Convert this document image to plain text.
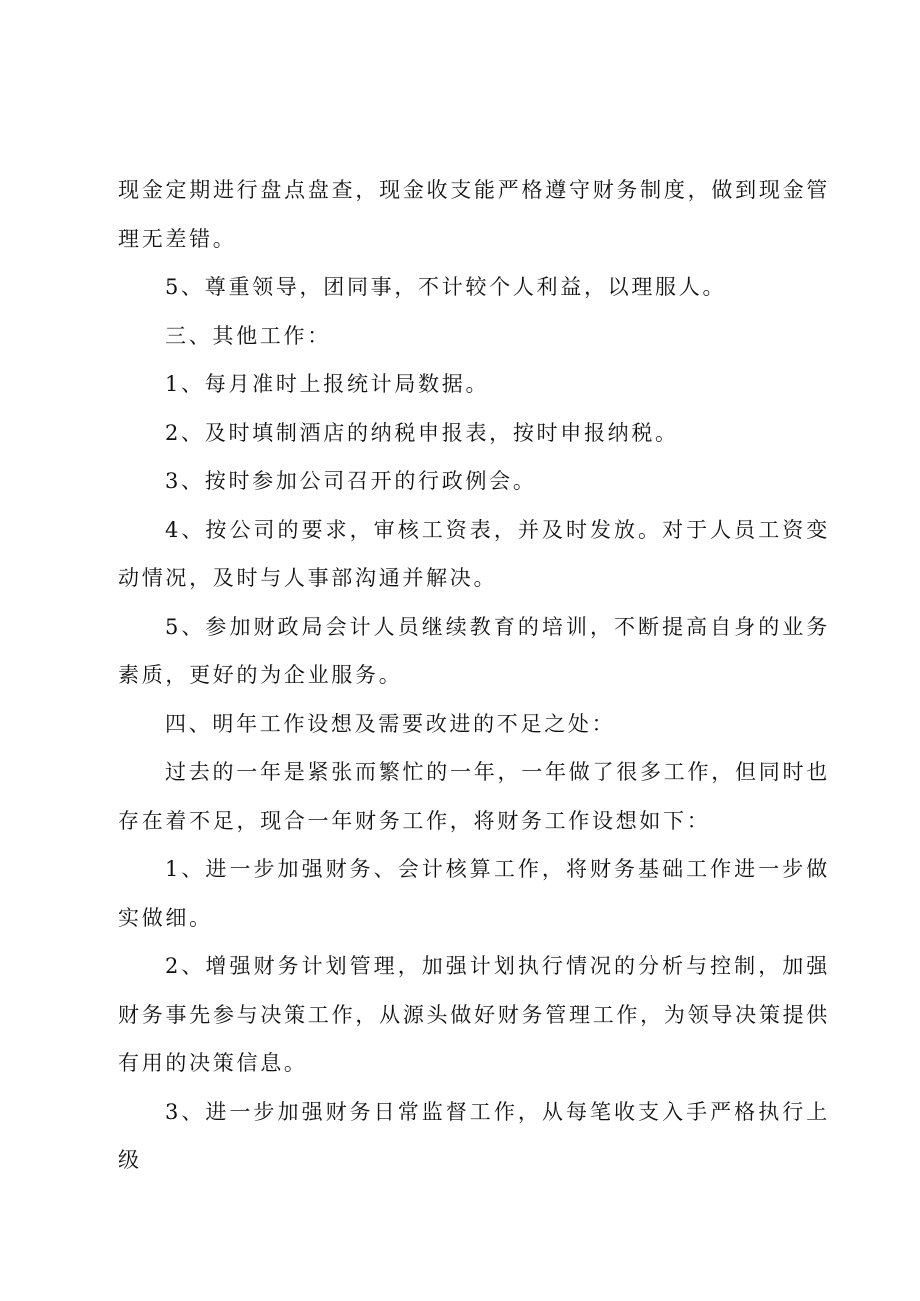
现金定期进行盘点盘查，现金收支能严格遵守财务制度，做到现金管理无差错。

5、尊重领导，团同事，不计较个人利益，以理服人。

三、其他工作：

1、每月准时上报统计局数据。

2、及时填制酒店的纳税申报表，按时申报纳税。

3、按时参加公司召开的行政例会。

4、按公司的要求，审核工资表，并及时发放。对于人员工资变动情况，及时与人事部沟通并解决。

5、参加财政局会计人员继续教育的培训，不断提高自身的业务素质，更好的为企业服务。

四、明年工作设想及需要改进的不足之处：

过去的一年是紧张而繁忙的一年，一年做了很多工作，但同时也存在着不足，现合一年财务工作，将财务工作设想如下：

1、进一步加强财务、会计核算工作，将财务基础工作进一步做实做细。

2、增强财务计划管理，加强计划执行情况的分析与控制，加强财务事先参与决策工作，从源头做好财务管理工作，为领导决策提供有用的决策信息。

3、进一步加强财务日常监督工作，从每笔收支入手严格执行上级
